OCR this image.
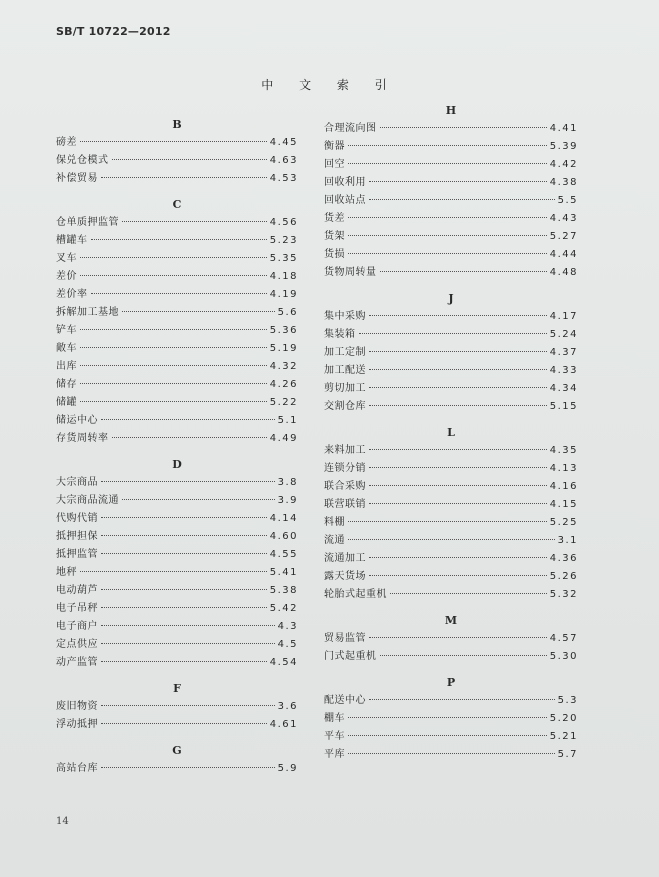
SB/T 10722—2012
中 文 索 引
B
磅差	4.45
保兑仓模式	4.63
补偿贸易	4.53
C
仓单质押监管	4.56
槽罐车	5.23
叉车	5.35
差价	4.18
差价率	4.19
拆解加工基地	5.6
铲车	5.36
敞车	5.19
出库	4.32
储存	4.26
储罐	5.22
储运中心	5.1
存货周转率	4.49
D
大宗商品	3.8
大宗商品流通	3.9
代购代销	4.14
抵押担保	4.60
抵押监管	4.55
地秤	5.41
电动葫芦	5.38
电子吊秤	5.42
电子商户	4.3
定点供应	4.5
动产监管	4.54
F
废旧物资	3.6
浮动抵押	4.61
G
高站台库	5.9
H
合理流向图	4.41
衡器	5.39
回空	4.42
回收利用	4.38
回收站点	5.5
货差	4.43
货架	5.27
货损	4.44
货物周转量	4.48
J
集中采购	4.17
集装箱	5.24
加工定制	4.37
加工配送	4.33
剪切加工	4.34
交割仓库	5.15
L
来料加工	4.35
连锁分销	4.13
联合采购	4.16
联营联销	4.15
料棚	5.25
流通	3.1
流通加工	4.36
露天货场	5.26
轮胎式起重机	5.32
M
贸易监管	4.57
门式起重机	5.30
P
配送中心	5.3
棚车	5.20
平车	5.21
平库	5.7
14
